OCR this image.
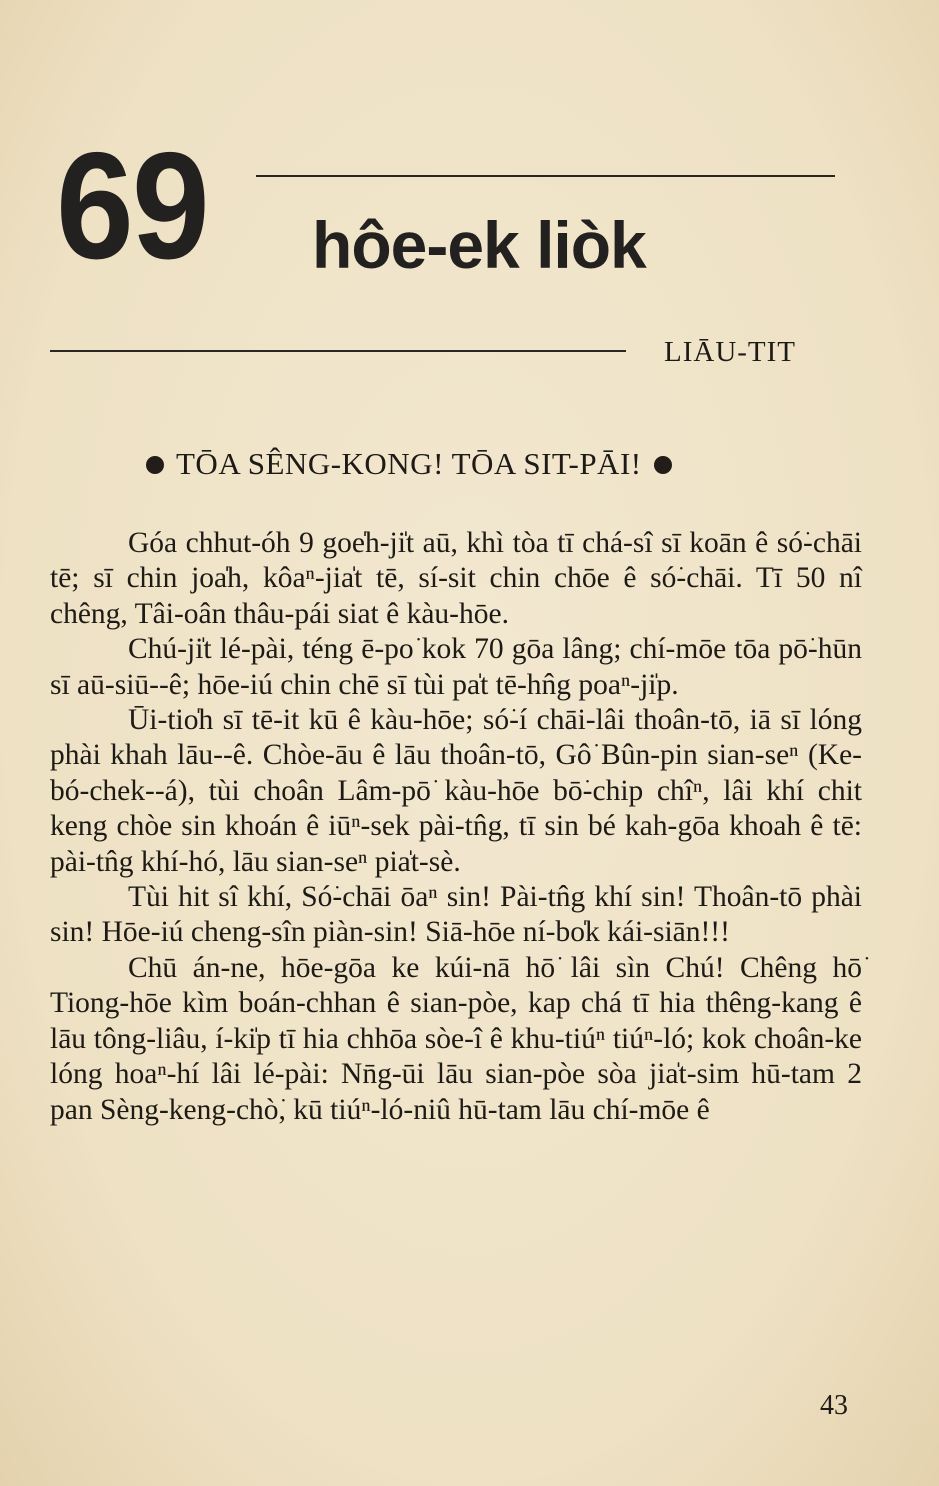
69 hôe-ek liòk
LIĀU-TIT
TŌA SÊNG-KONG! TŌA SIT-PĀI!

Góa chhut-óh 9 goe̍h-ji̍t aū, khì tòa tī chá-sî sī koān ê só͘-chāi tē; sī chin joa̍h, kôaⁿ-jia̍t tē, sí-sit chin chōe ê só͘-chāi. Tī 50 nî chêng, Tâi-oân thâu-pái siat ê kàu-hōe.

Chú-ji̍t lé-pài, téng ē-po͘ kok 70 gōa lâng; chí-mōe tōa pō͘-hūn sī aū-siū--ê; hōe-iú chin chē sī tùi pa̍t tē-hn̂g poaⁿ-ji̍p.

Ūi-tio̍h sī tē-it kū ê kàu-hōe; só͘-í chāi-lâi thoân-tō, iā sī lóng phài khah lāu--ê. Chòe-āu ê lāu thoân-tō, Gô͘ Bûn-pin sian-seⁿ (Ke-bó-chek--á), tùi choân Lâm-pō͘ kàu-hōe bō͘-chip chîⁿ, lâi khí chit keng chòe sin khoán ê iūⁿ-sek pài-tn̂g, tī sin bé kah-gōa khoah ê tē: pài-tn̂g khí-hó, lāu sian-seⁿ pia̍t-sè.

Tùi hit sî khí, Só͘-chāi ōaⁿ sin! Pài-tn̂g khí sin! Thoân-tō phài sin! Hōe-iú cheng-sîn piàn-sin! Siā-hōe ní-bo̍k kái-siān!!!

Chū án-ne, hōe-gōa ke kúi-nā hō͘ lâi sìn Chú! Chêng hō͘ Tiong-hōe kìm boán-chhan ê sian-pòe, kap chá tī hia thêng-kang ê lāu tông-liâu, í-ki̍p tī hia chhōa sòe-î ê khu-tiúⁿ tiúⁿ-ló; kok choân-ke lóng hoaⁿ-hí lâi lé-pài: Nn̄g-ūi lāu sian-pòe sòa jia̍t-sim hū-tam 2 pan Sèng-keng-chò͘, kū tiúⁿ-ló-niû hū-tam lāu chí-mōe ê

43
